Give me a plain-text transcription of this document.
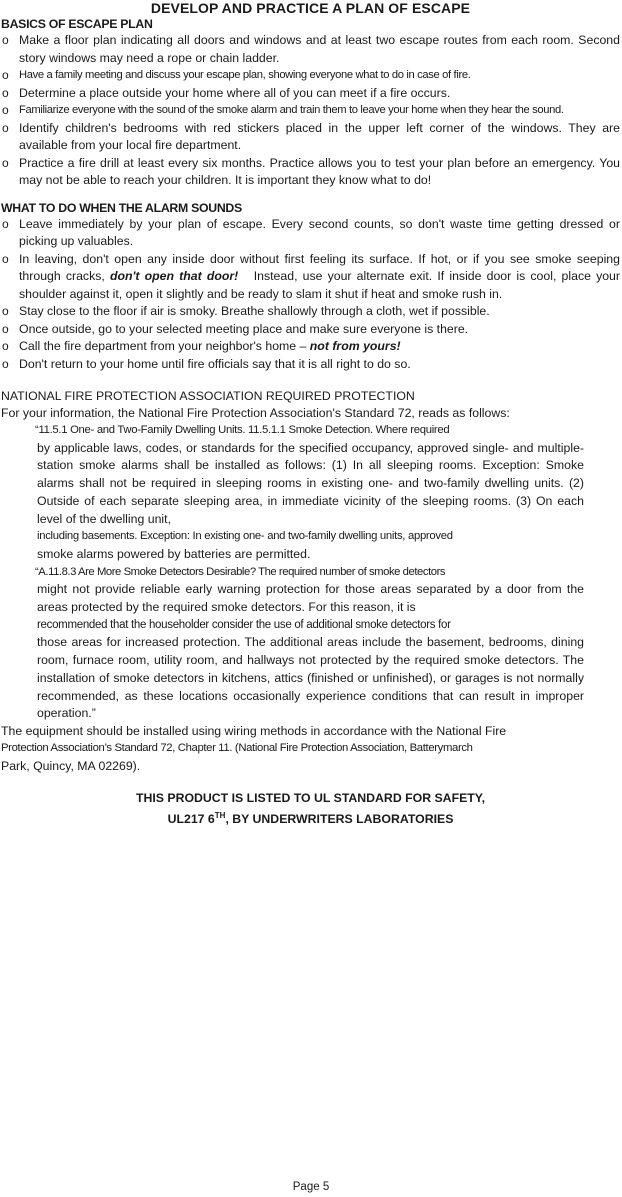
DEVELOP AND PRACTICE A PLAN OF ESCAPE
BASICS OF ESCAPE PLAN
o Make a floor plan indicating all doors and windows and at least two escape routes from each room. Second story windows may need a rope or chain ladder.
o Have a family meeting and discuss your escape plan, showing everyone what to do in case of fire.
o Determine a place outside your home where all of you can meet if a fire occurs.
o Familiarize everyone with the sound of the smoke alarm and train them to leave your home when they hear the sound.
o Identify children's bedrooms with red stickers placed in the upper left corner of the windows. They are available from your local fire department.
o Practice a fire drill at least every six months. Practice allows you to test your plan before an emergency. You may not be able to reach your children. It is important they know what to do!
WHAT TO DO WHEN THE ALARM SOUNDS
o Leave immediately by your plan of escape. Every second counts, so don't waste time getting dressed or picking up valuables.
o In leaving, don't open any inside door without first feeling its surface. If hot, or if you see smoke seeping through cracks, don't open that door! Instead, use your alternate exit. If inside door is cool, place your shoulder against it, open it slightly and be ready to slam it shut if heat and smoke rush in.
o Stay close to the floor if air is smoky. Breathe shallowly through a cloth, wet if possible.
o Once outside, go to your selected meeting place and make sure everyone is there.
o Call the fire department from your neighbor's home – not from yours!
o Don't return to your home until fire officials say that it is all right to do so.
NATIONAL FIRE PROTECTION ASSOCIATION REQUIRED PROTECTION
For your information, the National Fire Protection Association's Standard 72, reads as follows:

“11.5.1 One- and Two-Family Dwelling Units. 11.5.1.1 Smoke Detection. Where required

by applicable laws, codes, or standards for the specified occupancy, approved single- and multiple-station smoke alarms shall be installed as follows: (1) In all sleeping rooms. Exception: Smoke alarms shall not be required in sleeping rooms in existing one- and two-family dwelling units. (2) Outside of each separate sleeping area, in immediate vicinity of the sleeping rooms. (3) On each level of the dwelling unit,

including basements. Exception: In existing one- and two-family dwelling units, approved

smoke alarms powered by batteries are permitted.

“A.11.8.3 Are More Smoke Detectors Desirable? The required number of smoke detectors

might not provide reliable early warning protection for those areas separated by a door from the areas protected by the required smoke detectors. For this reason, it is

recommended that the householder consider the use of additional smoke detectors for

those areas for increased protection. The additional areas include the basement, bedrooms, dining room, furnace room, utility room, and hallways not protected by the required smoke detectors. The installation of smoke detectors in kitchens, attics (finished or unfinished), or garages is not normally recommended, as these locations occasionally experience conditions that can result in improper operation.”

The equipment should be installed using wiring methods in accordance with the National Fire
Protection Association’s Standard 72, Chapter 11. (National Fire Protection Association, Batterymarch
Park, Quincy, MA 02269).
THIS PRODUCT IS LISTED TO UL STANDARD FOR SAFETY,
UL217 6TH, BY UNDERWRITERS LABORATORIES
Page 5
